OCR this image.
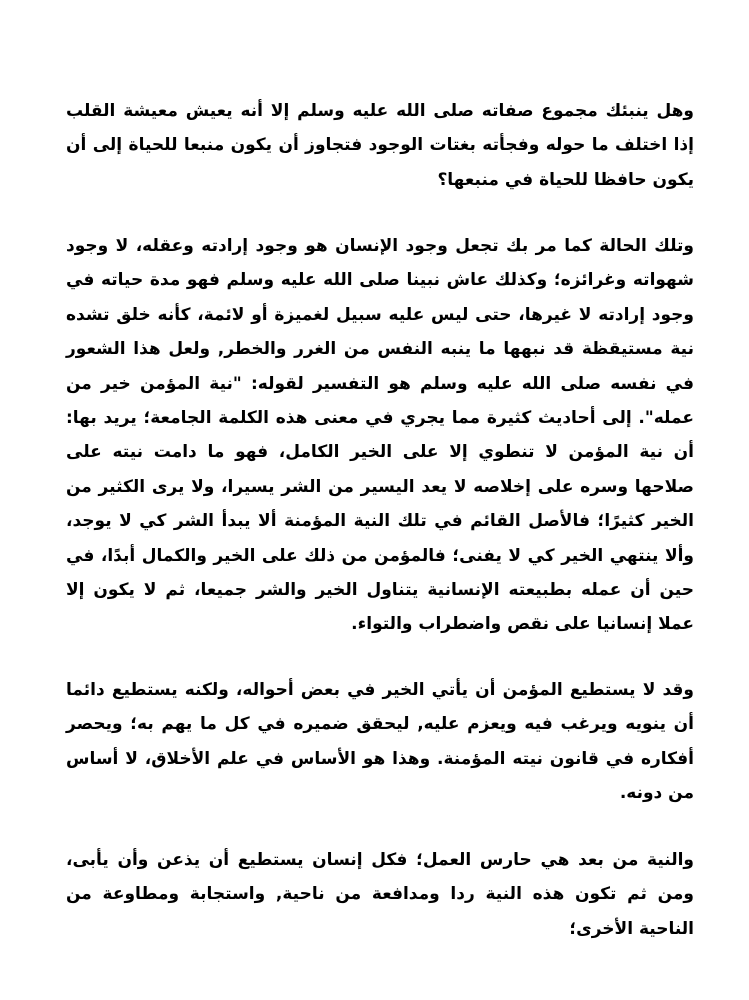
وهل ينبئك مجموع صفاته صلى الله عليه وسلم إلا أنه يعيش معيشة القلب إذا اختلف ما حوله وفجأته بغتات الوجود فتجاوز أن يكون منبعا للحياة إلى أن يكون حافظا للحياة في منبعها؟

وتلك الحالة كما مر بك تجعل وجود الإنسان هو وجود إرادته وعقله، لا وجود شهواته وغرائزه؛ وكذلك عاش نبينا صلى الله عليه وسلم فهو مدة حياته في وجود إرادته لا غيرها، حتى ليس عليه سبيل لغميزة أو لائمة، كأنه خلق تشده نية مستيقظة قد نبهها ما ينبه النفس من الغرر والخطر, ولعل هذا الشعور في نفسه صلى الله عليه وسلم هو التفسير لقوله: "نية المؤمن خير من عمله". إلى أحاديث كثيرة مما يجري في معنى هذه الكلمة الجامعة؛ يريد بها: أن نية المؤمن لا تنطوي إلا على الخير الكامل، فهو ما دامت نيته على صلاحها وسره على إخلاصه لا يعد اليسير من الشر يسيرا، ولا يرى الكثير من الخير كثيرًا؛ فالأصل القائم في تلك النية المؤمنة ألا يبدأ الشر كي لا يوجد، وألا ينتهي الخير كي لا يفنى؛ فالمؤمن من ذلك على الخير والكمال أبدًا، في حين أن عمله بطبيعته الإنسانية يتناول الخير والشر جميعا، ثم لا يكون إلا عملا إنسانيا على نقص واضطراب والتواء.

وقد لا يستطيع المؤمن أن يأتي الخير في بعض أحواله، ولكنه يستطيع دائما أن ينويه ويرغب فيه ويعزم عليه, ليحقق ضميره في كل ما يهم به؛ ويحصر أفكاره في قانون نيته المؤمنة. وهذا هو الأساس في علم الأخلاق، لا أساس من دونه.

والنية من بعد هي حارس العمل؛ فكل إنسان يستطيع أن يذعن وأن يأبى، ومن ثم تكون هذه النية ردا ومدافعة من ناحية, واستجابة ومطاوعة من الناحية الأخرى؛
